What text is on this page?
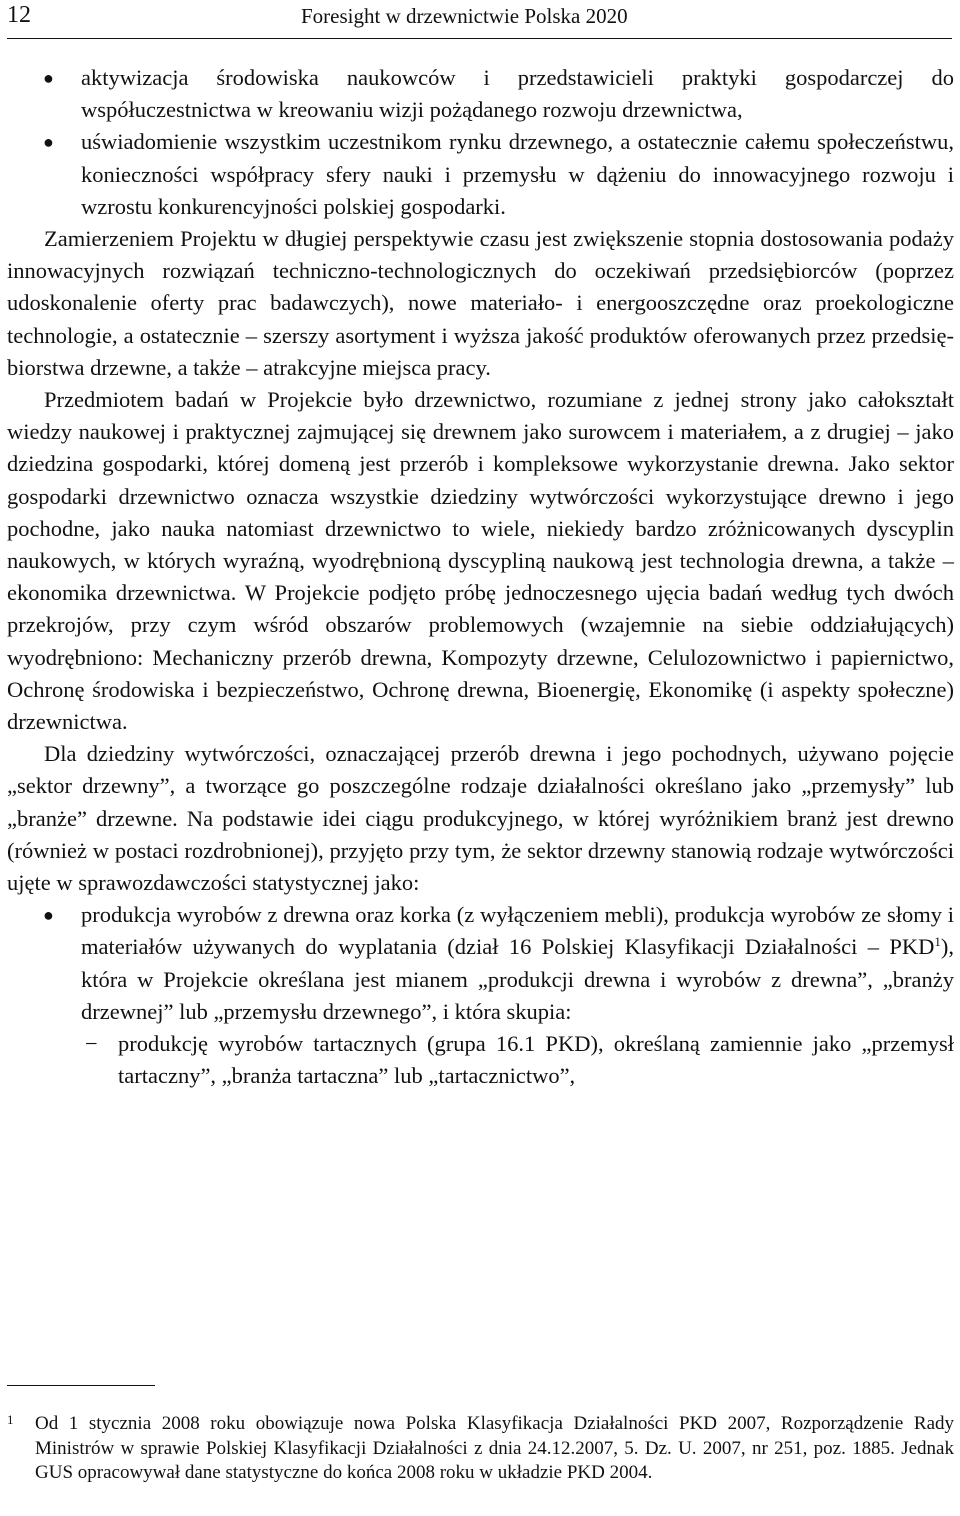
12	Foresight w drzewnictwie Polska 2020
● aktywizacja środowiska naukowców i przedstawicieli praktyki gospodarczej do współuczestnictwa w kreowaniu wizji pożądanego rozwoju drzewnictwa,
● uświadomienie wszystkim uczestnikom rynku drzewnego, a ostatecznie całemu społeczeństwu, konieczności współpracy sfery nauki i przemysłu w dążeniu do innowacyjnego rozwoju i wzrostu konkurencyjności polskiej gospodarki.

Zamierzeniem Projektu w długiej perspektywie czasu jest zwiększenie stopnia dostosowania podaży innowacyjnych rozwiązań techniczno-technologicznych do oczekiwań przedsiębiorców (poprzez udoskonalenie oferty prac badawczych), nowe materiało- i energooszczędne oraz proekologiczne technologie, a ostatecznie – szerszy asortyment i wyższa jakość produktów oferowanych przez przedsiębiorstwa drzewne, a także – atrakcyjne miejsca pracy.

Przedmiotem badań w Projekcie było drzewnictwo, rozumiane z jednej strony jako całokształt wiedzy naukowej i praktycznej zajmującej się drewnem jako surowcem i materiałem, a z drugiej – jako dziedzina gospodarki, której domeną jest przerób i kompleksowe wykorzystanie drewna. Jako sektor gospodarki drzewnictwo oznacza wszystkie dziedziny wytwórczości wykorzystujące drewno i jego pochodne, jako nauka natomiast drzewnictwo to wiele, niekiedy bardzo zróżnicowanych dyscyplin naukowych, w których wyraźną, wyodrębnioną dyscypliną naukową jest technologia drewna, a także – ekonomika drzewnictwa. W Projekcie podjęto próbę jednoczesnego ujęcia badań według tych dwóch przekrojów, przy czym wśród obszarów problemowych (wzajemnie na siebie oddziałujących) wyodrębniono: Mechaniczny przerób drewna, Kompozyty drzewne, Celulozownictwo i papiernictwo, Ochronę środowiska i bezpieczeństwo, Ochronę drewna, Bioenergię, Ekonomikę (i aspekty społeczne) drzewnictwa.

Dla dziedziny wytwórczości, oznaczającej przerób drewna i jego pochodnych, używano pojęcie „sektor drzewny”, a tworzące go poszczególne rodzaje działalności określano jako „przemysły” lub „branże” drzewne. Na podstawie idei ciągu produkcyjnego, w której wyróżnikiem branż jest drewno (również w postaci rozdrobnionej), przyjęto przy tym, że sektor drzewny stanowią rodzaje wytwórczości ujęte w sprawozdawczości statystycznej jako:

● produkcja wyrobów z drewna oraz korka (z wyłączeniem mebli), produkcja wyrobów ze słomy i materiałów używanych do wyplatania (dział 16 Polskiej Klasyfikacji Działalności – PKD$^1$), która w Projekcie określana jest mianem „produkcji drewna i wyrobów z drewna”, „branży drzewnej” lub „przemysłu drzewnego”, i która skupia:
− produkcję wyrobów tartacznych (grupa 16.1 PKD), określaną zamiennie jako „przemysł tartaczny”, „branża tartaczna” lub „tartacznictwo”,
1 Od 1 stycznia 2008 roku obowiązuje nowa Polska Klasyfikacja Działalności PKD 2007, Rozporządzenie Rady Ministrów w sprawie Polskiej Klasyfikacji Działalności z dnia 24.12.2007, 5. Dz. U. 2007, nr 251, poz. 1885. Jednak GUS opracowywał dane statystyczne do końca 2008 roku w układzie PKD 2004.
